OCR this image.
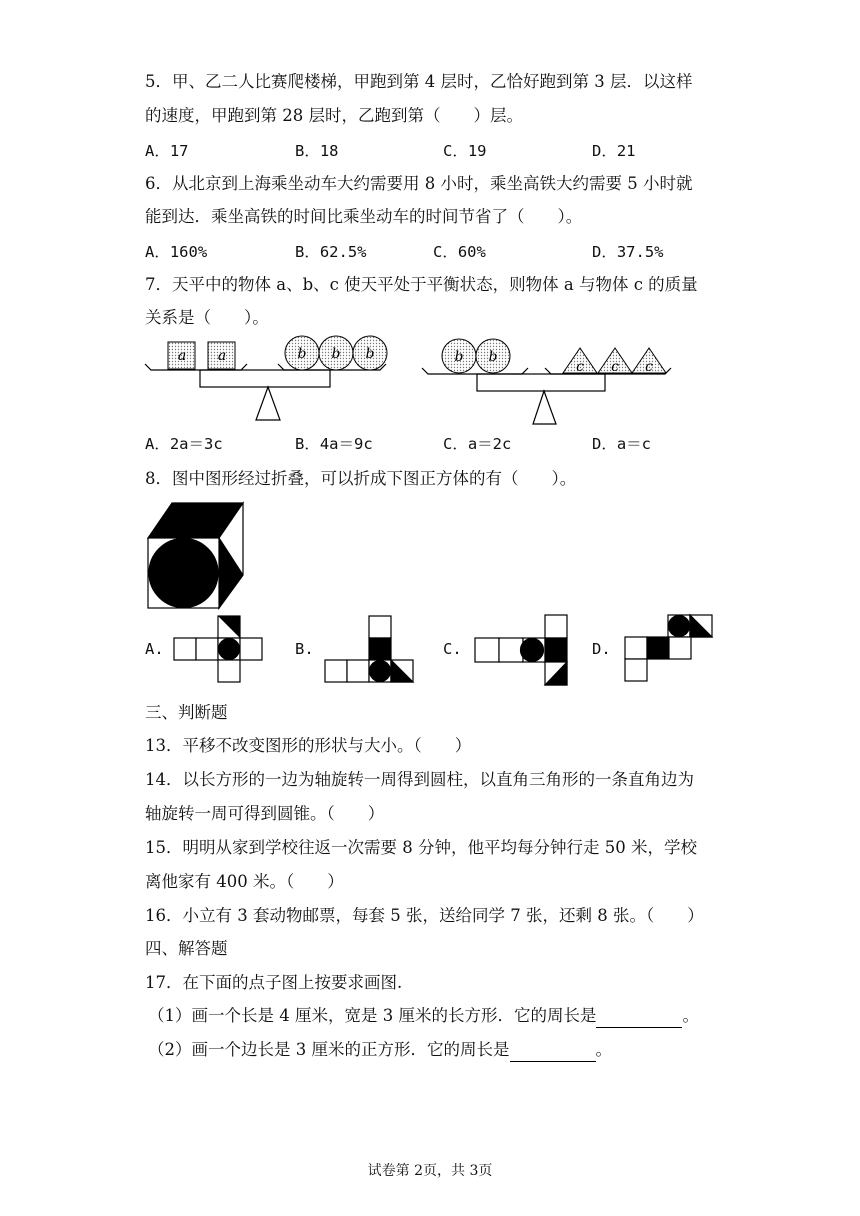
5．甲、乙二人比赛爬楼梯，甲跑到第 4 层时，乙恰好跑到第 3 层．以这样
的速度，甲跑到第 28 层时，乙跑到第（　　）层。
A．17	B．18	C．19	D．21
6．从北京到上海乘坐动车大约需要用 8 小时，乘坐高铁大约需要 5 小时就
能到达．乘坐高铁的时间比乘坐动车的时间节省了（　　）。
A．160%	B．62.5%	C．60%	D．37.5%
7．天平中的物体 a、b、c 使天平处于平衡状态，则物体 a 与物体 c 的质量
关系是（　　）。
a a	b b b	b b
c c c
A．2a＝3c	B．4a＝9c	C．a＝2c	D．a＝c
8．图中图形经过折叠，可以折成下图正方体的有（　　）。
A.	B.	C.	D.
三、判断题
13．平移不改变图形的形状与大小。（　　）
14．以长方形的一边为轴旋转一周得到圆柱，以直角三角形的一条直角边为
轴旋转一周可得到圆锥。（　　）
15．明明从家到学校往返一次需要 8 分钟，他平均每分钟行走 50 米，学校
离他家有 400 米。（　　）
16．小立有 3 套动物邮票，每套 5 张，送给同学 7 张，还剩 8 张。（　　）
四、解答题
17．在下面的点子图上按要求画图.
（1）画一个长是 4 厘米，宽是 3 厘米的长方形．它的周长是	。
（2）画一个边长是 3 厘米的正方形．它的周长是	。
试卷第 2页，共 3页
